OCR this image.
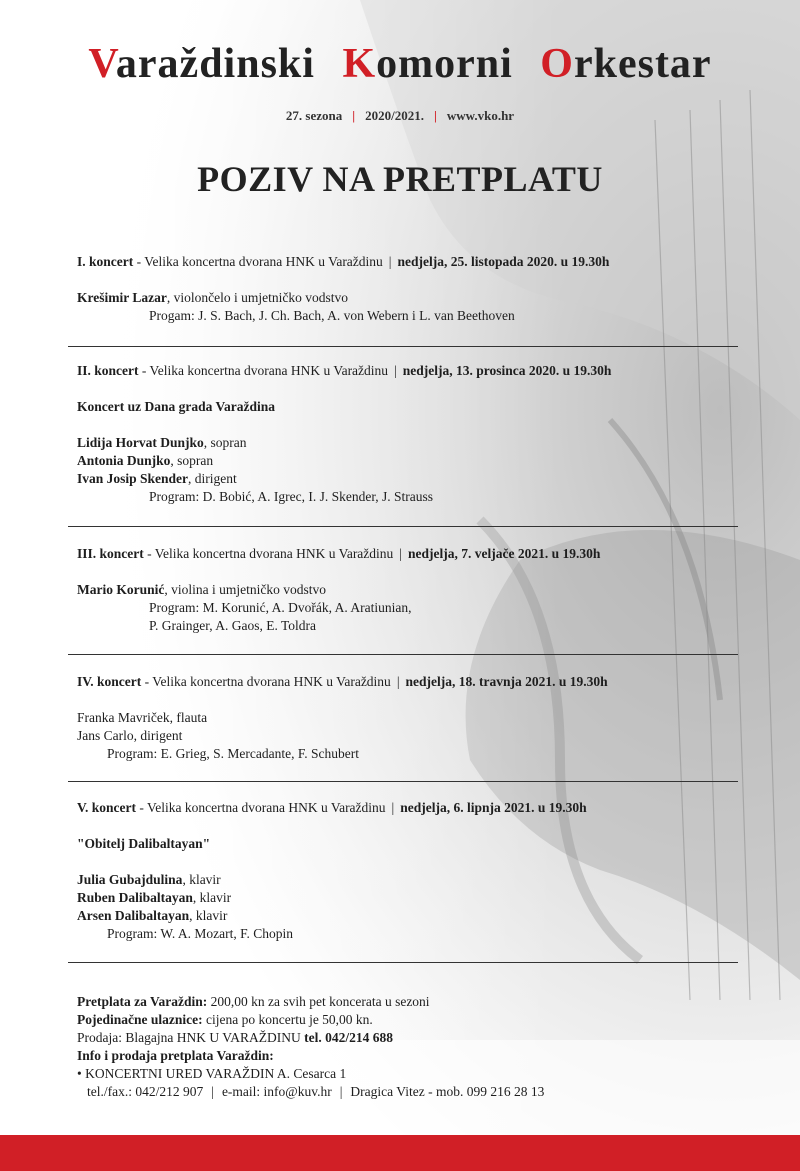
Varaždinski Komorni Orkestar
27. sezona | 2020/2021. | www.vko.hr
POZIV NA PRETPLATU
I. koncert - Velika koncertna dvorana HNK u Varaždinu | nedjelja, 25. listopada 2020. u 19.30h
Krešimir Lazar, violončelo i umjetničko vodstvo
Progam: J. S. Bach, J. Ch. Bach, A. von Webern i L. van Beethoven
II. koncert - Velika koncertna dvorana HNK u Varaždinu | nedjelja, 13. prosinca 2020. u 19.30h
Koncert uz Dana grada Varaždina
Lidija Horvat Dunjko, sopran
Antonia Dunjko, sopran
Ivan Josip Skender, dirigent
Program: D. Bobić, A. Igrec, I. J. Skender, J. Strauss
III. koncert - Velika koncertna dvorana HNK u Varaždinu | nedjelja, 7. veljače 2021. u 19.30h
Mario Korunić, violina i umjetničko vodstvo
Program: M. Korunić, A. Dvořák, A. Aratiunian,
P. Grainger, A. Gaos, E. Toldra
IV. koncert - Velika koncertna dvorana HNK u Varaždinu | nedjelja, 18. travnja 2021. u 19.30h
Franka Mavriček, flauta
Jans Carlo, dirigent
Program: E. Grieg, S. Mercadante, F. Schubert
V. koncert - Velika koncertna dvorana HNK u Varaždinu | nedjelja, 6. lipnja 2021. u 19.30h
"Obitelj Dalibaltayan"
Julia Gubajdulina, klavir
Ruben Dalibaltayan, klavir
Arsen Dalibaltayan, klavir
Program: W. A. Mozart, F. Chopin
Pretplata za Varaždin: 200,00 kn za svih pet koncerata u sezoni
Pojedinačne ulaznice: cijena po koncertu je 50,00 kn.
Prodaja: Blagajna HNK U VARAŽDINU tel. 042/214 688
Info i prodaja pretplata Varaždin:
• KONCERTNI URED VARAŽDIN A. Cesarca 1
tel./fax.: 042/212 907 | e-mail: info@kuv.hr | Dragica Vitez - mob. 099 216 28 13
